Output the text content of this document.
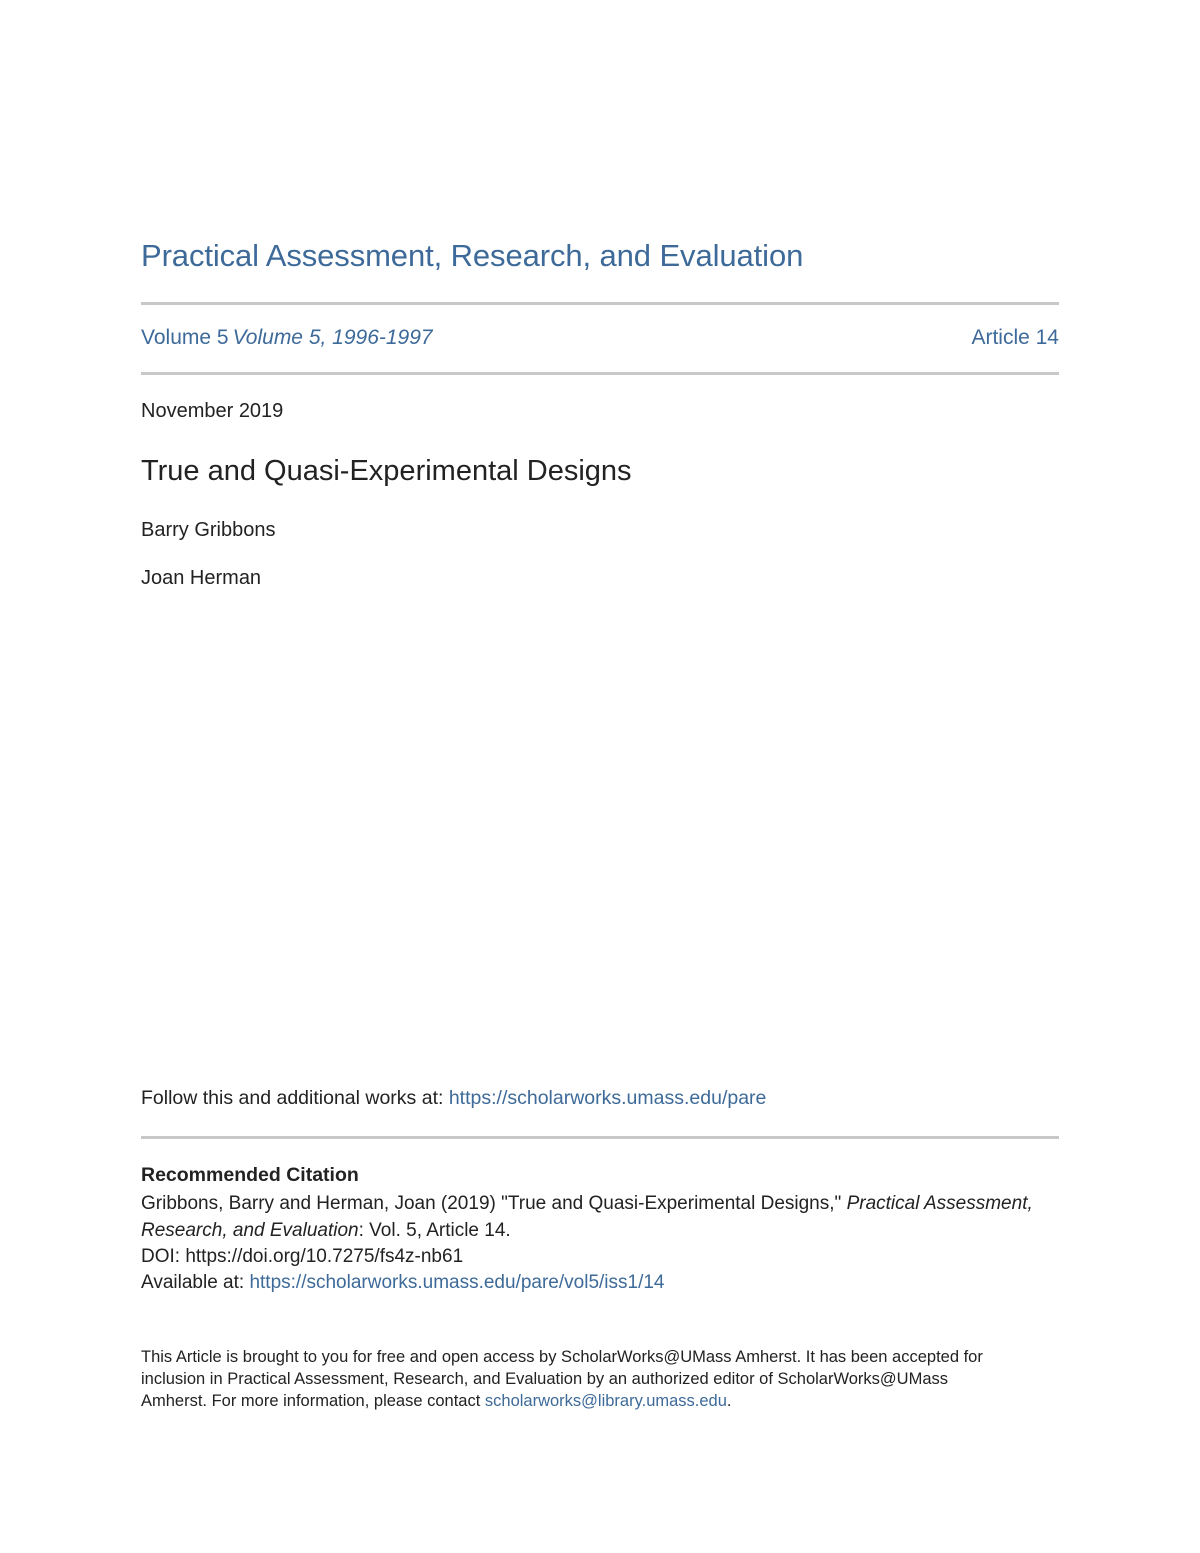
Practical Assessment, Research, and Evaluation
Volume 5 Volume 5, 1996-1997	Article 14
November 2019
True and Quasi-Experimental Designs
Barry Gribbons
Joan Herman
Follow this and additional works at: https://scholarworks.umass.edu/pare
Recommended Citation
Gribbons, Barry and Herman, Joan (2019) "True and Quasi-Experimental Designs," Practical Assessment,
Research, and Evaluation: Vol. 5, Article 14.
DOI: https://doi.org/10.7275/fs4z-nb61
Available at: https://scholarworks.umass.edu/pare/vol5/iss1/14
This Article is brought to you for free and open access by ScholarWorks@UMass Amherst. It has been accepted for
inclusion in Practical Assessment, Research, and Evaluation by an authorized editor of ScholarWorks@UMass
Amherst. For more information, please contact scholarworks@library.umass.edu.
